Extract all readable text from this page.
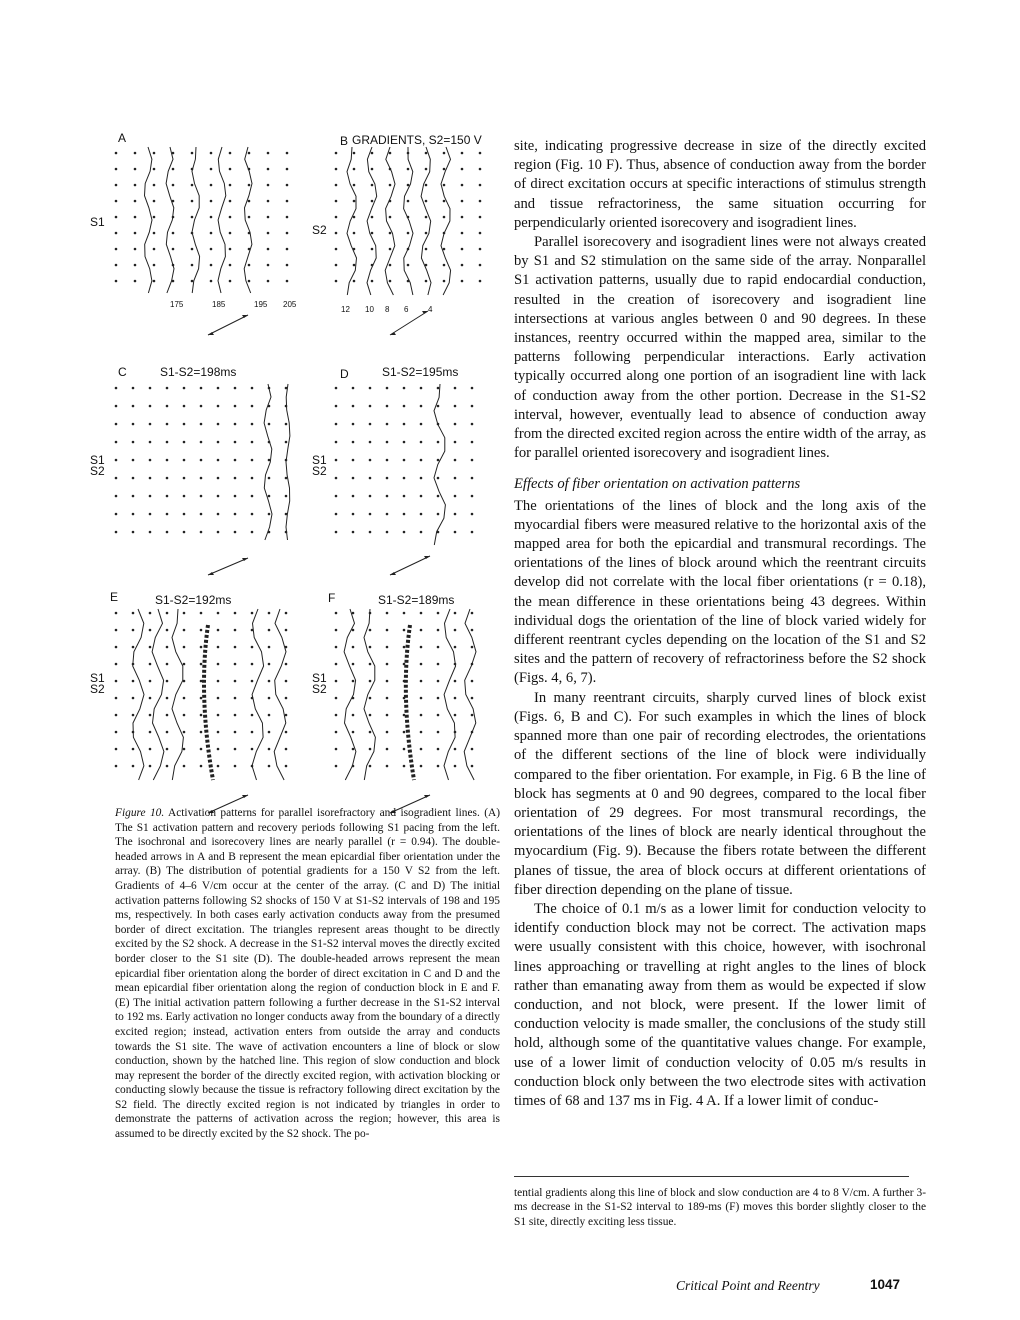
A	B GRADIENTS, S2=150 V
C	S1-S2=198ms	D	S1-S2=195ms
E	S1-S2=192ms	F	S1-S2=189ms
S1
S2
S1 S2
S1 S2
S1 S2
S1 S2
175	185	195 205
12 10 8 6 4
Figure 10. Activation patterns for parallel isorefractory and isogradient lines. (A) The S1 activation pattern and recovery periods following S1 pacing from the left. The isochronal and isorecovery lines are nearly parallel (r = 0.94). The double-headed arrows in A and B represent the mean epicardial fiber orientation under the array. (B) The distribution of potential gradients for a 150 V S2 from the left. Gradients of 4–6 V/cm occur at the center of the array. (C and D) The initial activation patterns following S2 shocks of 150 V at S1-S2 intervals of 198 and 195 ms, respectively. In both cases early activation conducts away from the presumed border of direct excitation. The triangles represent areas thought to be directly excited by the S2 shock. A decrease in the S1-S2 interval moves the directly excited border closer to the S1 site (D). The double-headed arrows represent the mean epicardial fiber orientation along the border of direct excitation in C and D and the mean epicardial fiber orientation along the region of conduction block in E and F. (E) The initial activation pattern following a further decrease in the S1-S2 interval to 192 ms. Early activation no longer conducts away from the boundary of a directly excited region; instead, activation enters from outside the array and conducts towards the S1 site. The wave of activation encounters a line of block or slow conduction, shown by the hatched line. This region of slow conduction and block may represent the border of the directly excited region, with activation blocking or conducting slowly because the tissue is refractory following direct excitation by the S2 field. The directly excited region is not indicated by triangles in order to demonstrate the patterns of activation across the region; however, this area is assumed to be directly excited by the S2 shock. The po-

site, indicating progressive decrease in size of the directly excited region (Fig. 10 F). Thus, absence of conduction away from the border of direct excitation occurs at specific interactions of stimulus strength and tissue refractoriness, the same situation occurring for perpendicularly oriented isorecovery and isogradient lines.

Parallel isorecovery and isogradient lines were not always created by S1 and S2 stimulation on the same side of the array. Nonparallel S1 activation patterns, usually due to rapid endocardial conduction, resulted in the creation of isorecovery and isogradient line intersections at various angles between 0 and 90 degrees. In these instances, reentry occurred within the mapped area, similar to the patterns following perpendicular interactions. Early activation typically occurred along one portion of an isogradient line with lack of conduction away from the other portion. Decrease in the S1-S2 interval, however, eventually lead to absence of conduction away from the directed excited region across the entire width of the array, as for parallel oriented isorecovery and isogradient lines.

Effects of fiber orientation on activation patterns

The orientations of the lines of block and the long axis of the myocardial fibers were measured relative to the horizontal axis of the mapped area for both the epicardial and transmural recordings. The orientations of the lines of block around which the reentrant circuits develop did not correlate with the local fiber orientations (r = 0.18), the mean difference in these orientations being 43 degrees. Within individual dogs the orientation of the line of block varied widely for different reentrant cycles depending on the location of the S1 and S2 sites and the pattern of recovery of refractoriness before the S2 shock (Figs. 4, 6, 7).

In many reentrant circuits, sharply curved lines of block exist (Figs. 6, B and C). For such examples in which the lines of block spanned more than one pair of recording electrodes, the orientations of the different sections of the line of block were individually compared to the fiber orientation. For example, in Fig. 6 B the line of block has segments at 0 and 90 degrees, compared to the local fiber orientation of 29 degrees. For most transmural recordings, the orientations of the lines of block are nearly identical throughout the myocardium (Fig. 9). Because the fibers rotate between the different planes of tissue, the area of block occurs at different orientations of fiber direction depending on the plane of tissue.

The choice of 0.1 m/s as a lower limit for conduction velocity to identify conduction block may not be correct. The activation maps were usually consistent with this choice, however, with isochronal lines approaching or travelling at right angles to the lines of block rather than emanating away from them as would be expected if slow conduction, and not block, were present. If the lower limit of conduction velocity is made smaller, the conclusions of the study still hold, although some of the quantitative values change. For example, use of a lower limit of conduction velocity of 0.05 m/s results in conduction block only between the two electrode sites with activation times of 68 and 137 ms in Fig. 4 A. If a lower limit of conduc-

tential gradients along this line of block and slow conduction are 4 to 8 V/cm. A further 3-ms decrease in the S1-S2 interval to 189-ms (F) moves this border slightly closer to the S1 site, directly exciting less tissue.
Critical Point and Reentry	1047
